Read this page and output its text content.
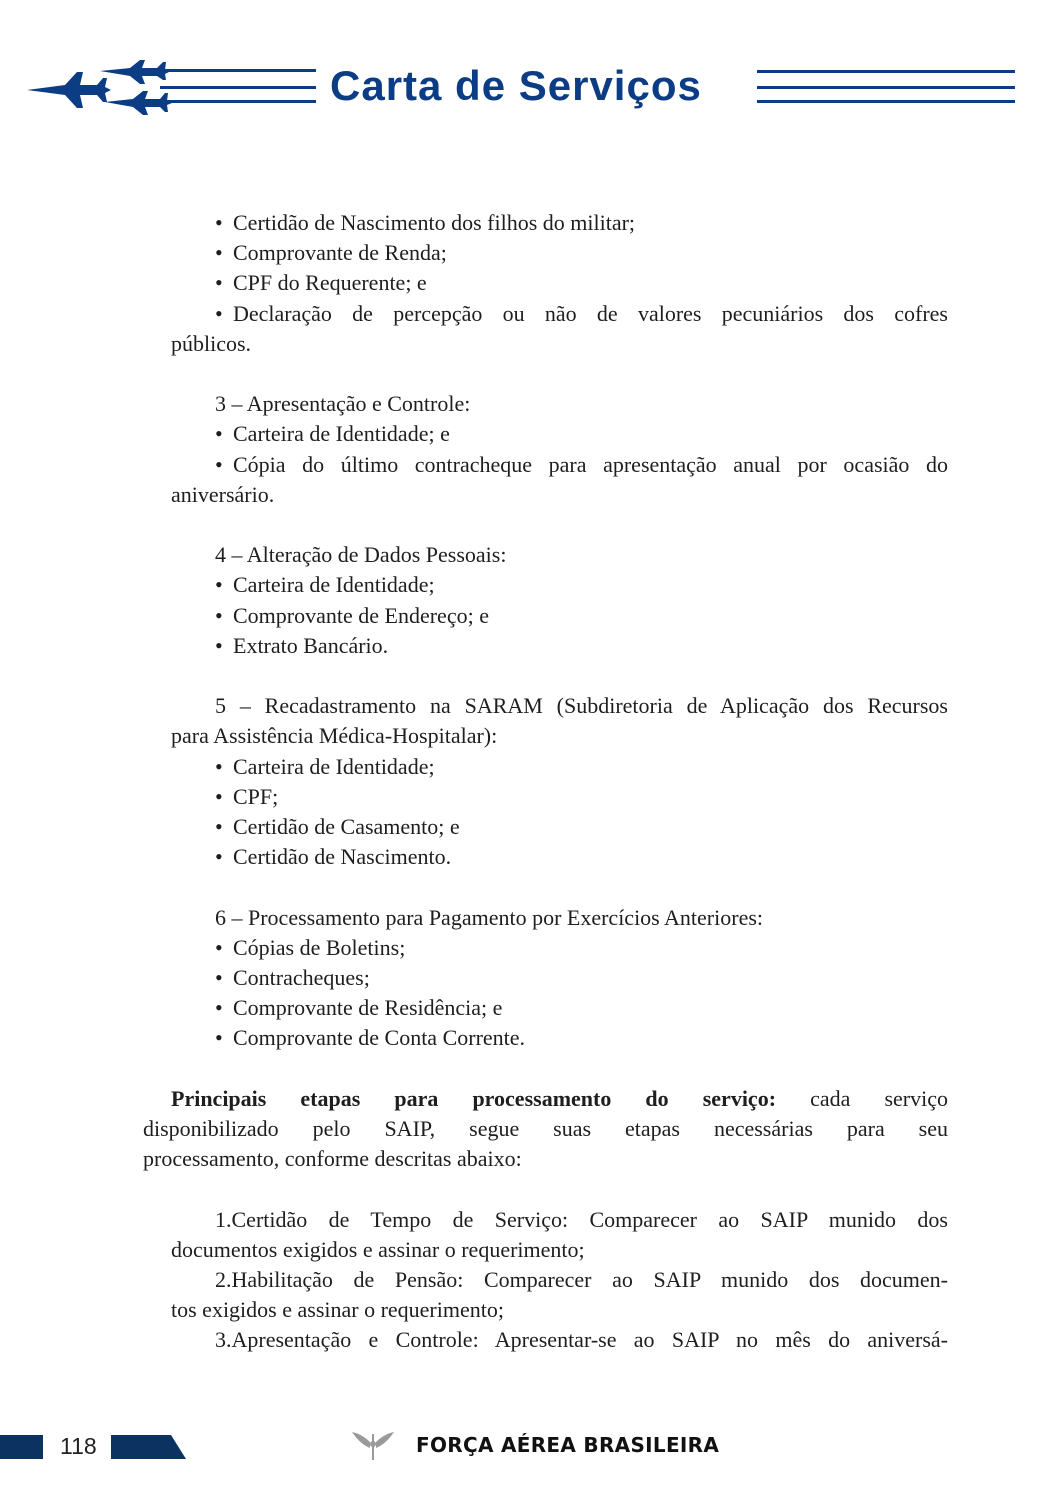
Carta de Serviços
• Certidão de Nascimento dos filhos do militar;
• Comprovante de Renda;
• CPF do Requerente; e
• Declaração de percepção ou não de valores pecuniários dos cofres
públicos.
3 – Apresentação e Controle:
• Carteira de Identidade; e
• Cópia do último contracheque para apresentação anual por ocasião do
aniversário.
4 – Alteração de Dados Pessoais:
• Carteira de Identidade;
• Comprovante de Endereço; e
• Extrato Bancário.
5 – Recadastramento na SARAM (Subdiretoria de Aplicação dos Recursos
para Assistência Médica-Hospitalar):
• Carteira de Identidade;
• CPF;
• Certidão de Casamento; e
• Certidão de Nascimento.
6 – Processamento para Pagamento por Exercícios Anteriores:
• Cópias de Boletins;
• Contracheques;
• Comprovante de Residência; e
• Comprovante de Conta Corrente.
Principais etapas para processamento do serviço: cada serviço
disponibilizado pelo SAIP, segue suas etapas necessárias para seu
processamento, conforme descritas abaixo:
1.Certidão de Tempo de Serviço: Comparecer ao SAIP munido dos
documentos exigidos e assinar o requerimento;
2.Habilitação de Pensão: Comparecer ao SAIP munido dos documen-
tos exigidos e assinar o requerimento;
3.Apresentação e Controle: Apresentar-se ao SAIP no mês do aniversá-
118	FORÇA AÉREA BRASILEIRA
